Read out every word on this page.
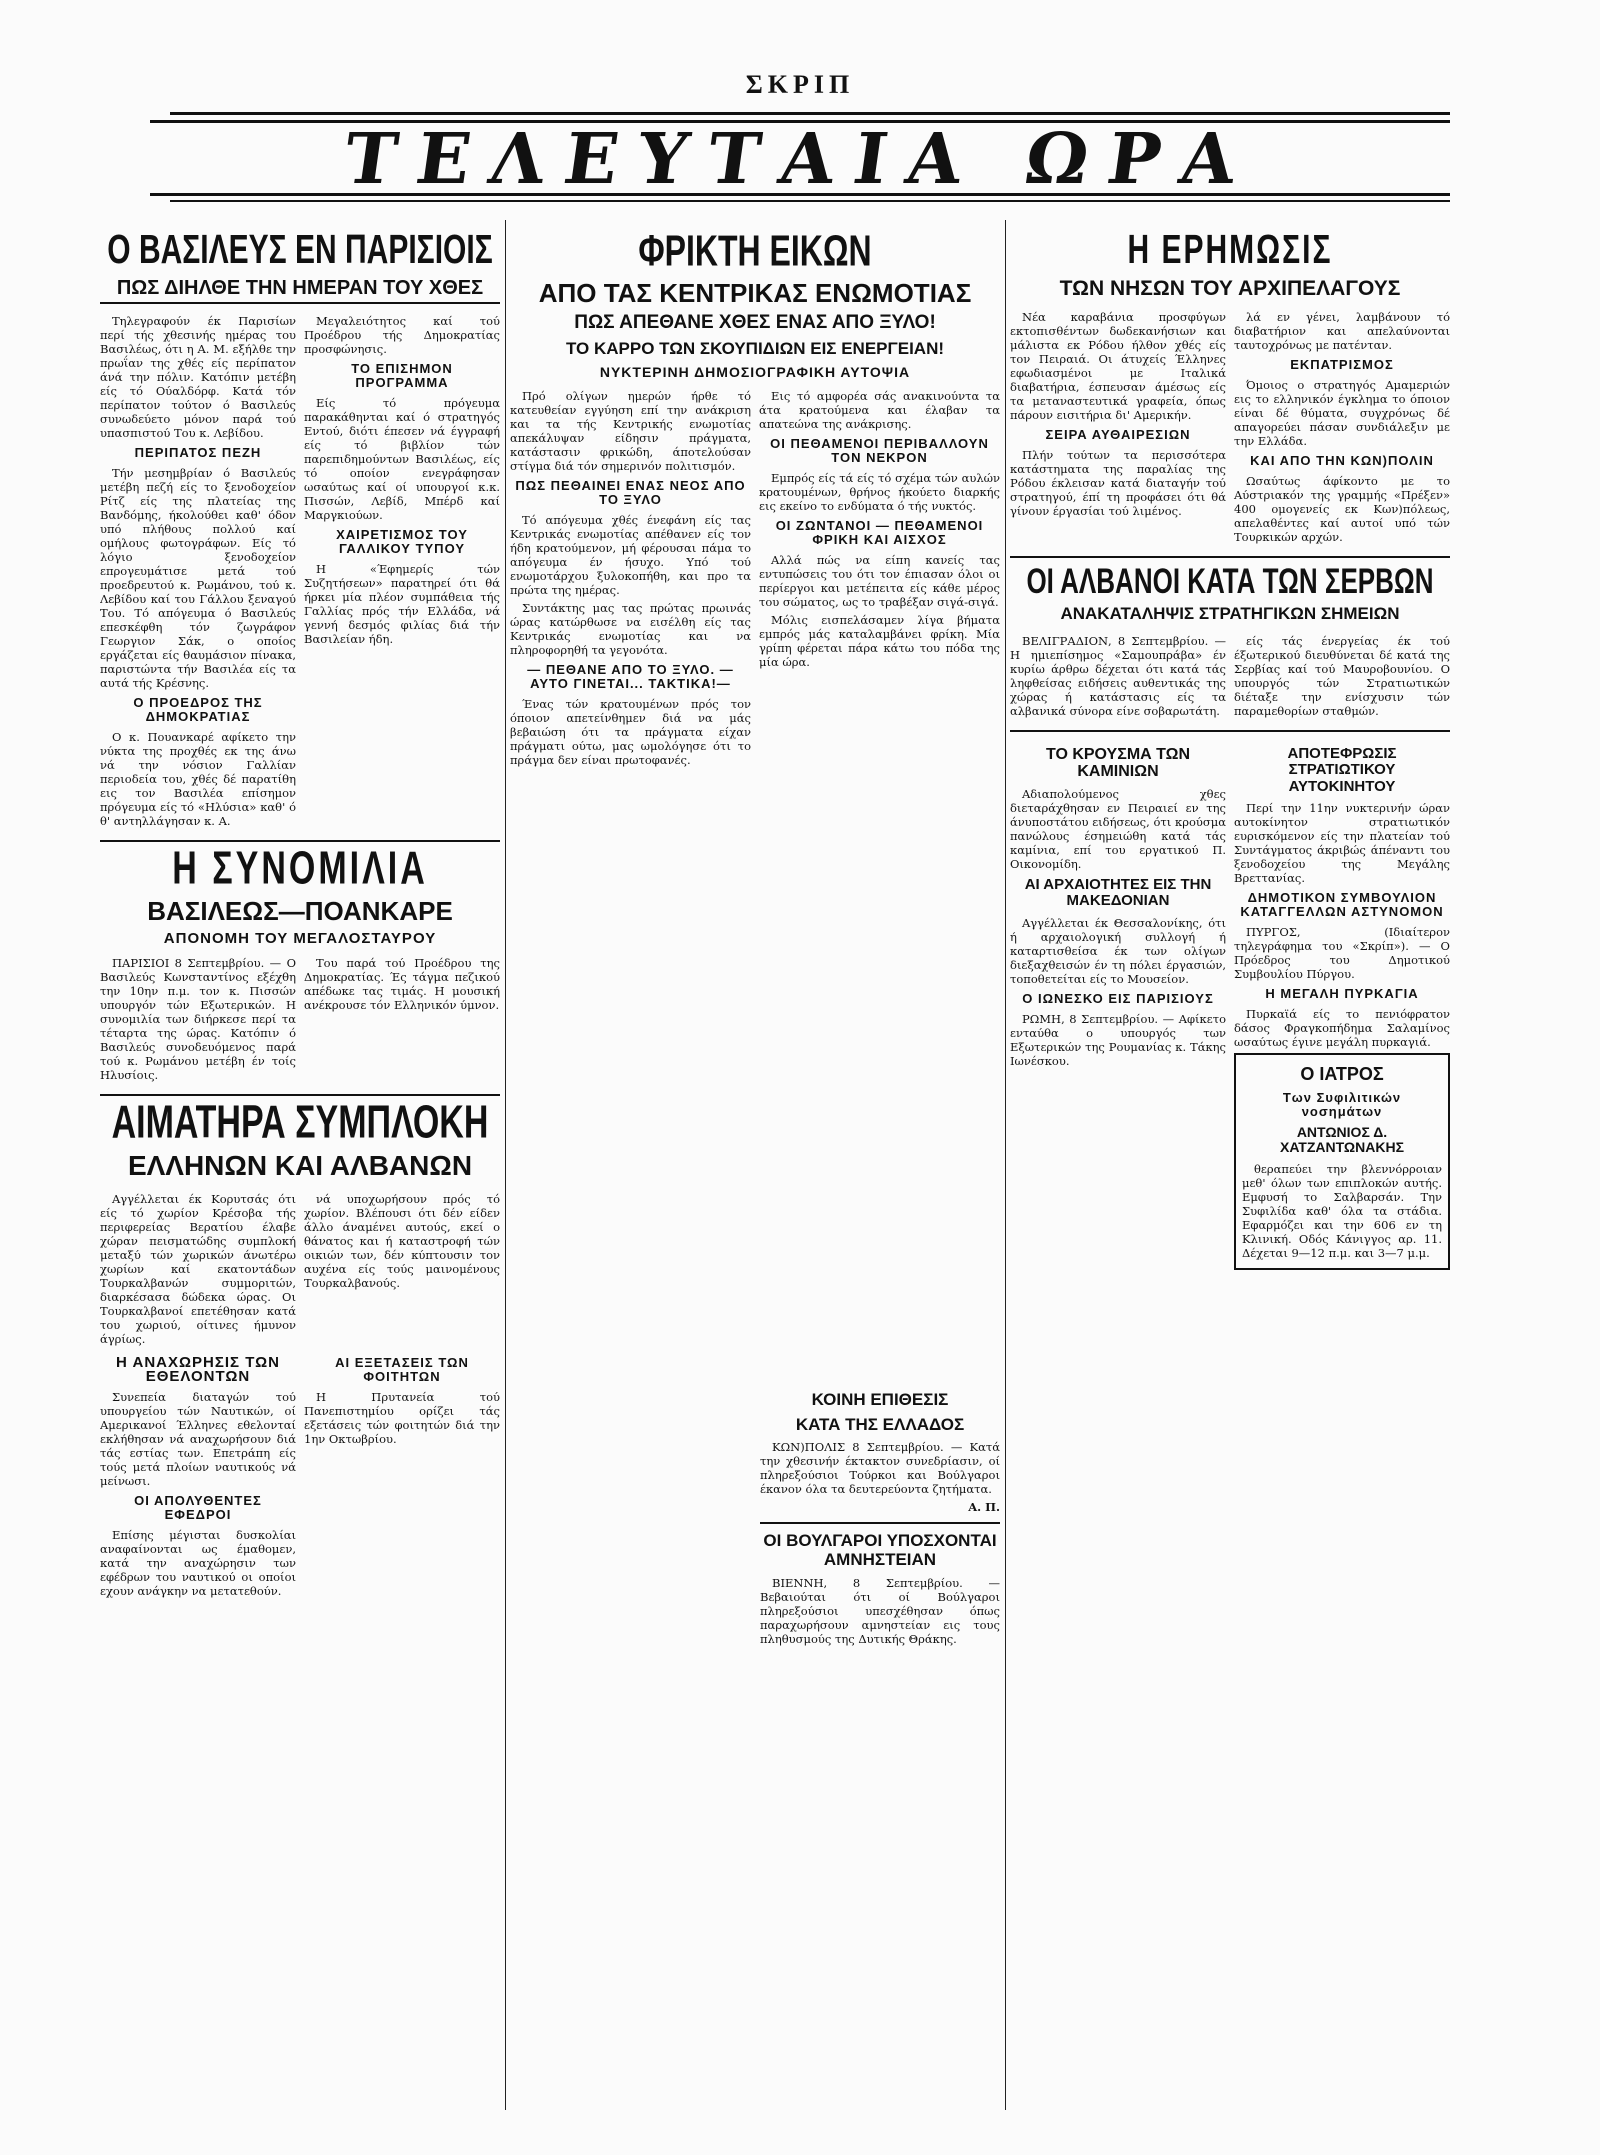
ΣΚΡΙΠ
ΤΕΛΕΥΤΑΙΑ ΩΡΑ
Ο ΒΑΣΙΛΕΥΣ ΕΝ ΠΑΡΙΣΙΟΙΣ
ΠΩΣ ΔΙΗΛΘΕ ΤΗΝ ΗΜΕΡΑΝ ΤΟΥ ΧΘΕΣ

Τηλεγραφούν έκ Παρισίων περί τής χθεσινής ημέρας του Βασιλέως, ότι η Α. Μ. εξήλθε την πρωΐαν της χθές είς περίπατον άνά την πόλιν. Κατόπιν μετέβη είς τό Ούαλδόρφ. Κατά τόν περίπατον τούτον ό Βασιλεύς συνωδεύετο μόνον παρά τού υπασπιστού Του κ. Λεβίδου.

ΠΕΡΙΠΑΤΟΣ ΠΕΖΗ

Τήν μεσημβρίαν ό Βασιλεύς μετέβη πεζή είς το ξενοδοχείον Ρίτζ είς της πλατείας της Βανδόμης, ήκολούθει καθ' όδον υπό πλήθους πολλού καί ομήλους φωτογράφων. Είς τό λόγιο ξενοδοχείον επρογευμάτισε μετά τού προεδρευτού κ. Ρωμάνου, τού κ. Λεβίδου καί του Γάλλου ξεναγού Του. Τό απόγευμα ό Βασιλεύς επεσκέφθη τόν ζωγράφον Γεωργιον Σάκ, ο οποίος εργάζεται είς θαυμάσιον πίνακα, παριστώντα τήν Βασιλέα είς τα αυτά τής Κρέσνης.

Ο ΠΡΟΕΔΡΟΣ ΤΗΣ ΔΗΜΟΚΡΑΤΙΑΣ

Ο κ. Πουανκαρέ αφίκετο την νύκτα της προχθές εκ της άνω νά την νόσιον Γαλλίαν περιοδεία του, χθές δέ παρατίθη εις τον Βασιλέα επίσημον πρόγευμα είς τό «Ηλύσια» καθ' ό θ' αντηλλάγησαν κ. Α.

Μεγαλειότητος καί τού Προέδρου τής Δημοκρατίας προσφώνησις.

ΤΟ ΕΠΙΣΗΜΟΝ ΠΡΟΓΡΑΜΜΑ

Είς τό πρόγευμα παρακάθηνται καί ό στρατηγός Εντού, διότι έπεσεν νά έγγραφή είς τό βιβλίον τών παρεπιδημούντων Βασιλέως, είς τό οποίον ενεγράφησαν ωσαύτως καί οί υπουργοί κ.κ. Πισσών, Λεβίδ, Μπέρδ καί Μαργκιούων.

ΧΑΙΡΕΤΙΣΜΟΣ ΤΟΥ ΓΑΛΛΙΚΟΥ ΤΥΠΟΥ

Η «Έφημερίς τών Συζητήσεων» παρατηρεί ότι θά ήρκει μία πλέον συμπάθεια τής Γαλλίας πρός τήν Ελλάδα, νά γεννή δεσμός φιλίας διά τήν Βασιλείαν ήδη.

Η ΣΥΝΟΜΙΛΙΑ
ΒΑΣΙΛΕΩΣ—ΠΟΑΝΚΑΡΕ
ΑΠΟΝΟΜΗ ΤΟΥ ΜΕΓΑΛΟΣΤΑΥΡΟΥ

ΠΑΡΙΣΙΟΙ 8 Σεπτεμβρίου. — Ο Βασιλεύς Κωνσταντίνος εξέχθη την 10ην π.μ. τον κ. Πισσών υπουργόν τών Εξωτερικών. Η συνομιλία των διήρκεσε περί τα τέταρτα της ώρας. Κατόπιν ό Βασιλεύς συνοδευόμενος παρά τού κ. Ρωμάνου μετέβη έν τοίς Ηλυσίοις.

Του παρά τού Προέδρου της Δημοκρατίας. Ές τάγμα πεζικού απέδωκε τας τιμάς. Η μουσική ανέκρουσε τόν Ελληνικόν ύμνον.

ΑΙΜΑΤΗΡΑ ΣΥΜΠΛΟΚΗ
ΕΛΛΗΝΩΝ ΚΑΙ ΑΛΒΑΝΩΝ

Αγγέλλεται έκ Κορυτσάς ότι είς τό χωρίον Κρέσοβα τής περιφερείας Βερατίου έλαβε χώραν πεισματώδης συμπλοκή μεταξύ τών χωρικών άνωτέρω χωρίων καί εκατοντάδων Τουρκαλβανών συμμοριτών, διαρκέσασα δώδεκα ώρας. Οι Τουρκαλβανοί επετέθησαν κατά του χωριού, οίτινες ήμυνον άγρίως.

νά υποχωρήσουν πρός τό χωρίον. Βλέπουσι ότι δέν είδεν άλλο άναμένει αυτούς, εκεί ο θάνατος και ή καταστροφή τών οικιών των, δέν κύπτουσιν τον αυχένα είς τούς μαινομένους Τουρκαλβανούς.

Η ΑΝΑΧΩΡΗΣΙΣ ΤΩΝ ΕΘΕΛΟΝΤΩΝ

Συνεπεία διαταγών τού υπουργείου τών Ναυτικών, οί Αμερικανοί Έλληνες εθελονταί εκλήθησαν νά αναχωρήσουν διά τάς εστίας των. Επετράπη είς τούς μετά πλοίων ναυτικούς νά μείνωσι.

ΟΙ ΑΠΟΛΥΘΕΝΤΕΣ ΕΦΕΔΡΟΙ

Επίσης μέγισται δυσκολίαι αναφαίνονται ως έμαθομεν, κατά την αναχώρησιν των εφέδρων του ναυτικού οι οποίοι εχουν ανάγκην να μετατεθούν.

ΑΙ ΕΞΕΤΑΣΕΙΣ ΤΩΝ ΦΟΙΤΗΤΩΝ

Η Πρυτανεία τού Πανεπιστημίου ορίζει τάς εξετάσεις τών φοιτητών διά την 1ην Οκτωβρίου.

ΦΡΙΚΤΗ ΕΙΚΩΝ
ΑΠΟ ΤΑΣ ΚΕΝΤΡΙΚΑΣ ΕΝΩΜΟΤΙΑΣ
ΠΩΣ ΑΠΕΘΑΝΕ ΧΘΕΣ ΕΝΑΣ ΑΠΟ ΞΥΛΟ!
ΤΟ ΚΑΡΡΟ ΤΩΝ ΣΚΟΥΠΙΔΙΩΝ ΕΙΣ ΕΝΕΡΓΕΙΑΝ!
ΝΥΚΤΕΡΙΝΗ ΔΗΜΟΣΙΟΓΡΑΦΙΚΗ ΑΥΤΟΨΙΑ

Πρό ολίγων ημερών ήρθε τό κατευθείαν εγγύηση επί την ανάκριση και τα τής Κεντρικής ενωμοτίας απεκάλυψαν είδησιν πράγματα, κατάστασιν φρικώδη, άποτελούσαν στίγμα διά τόν σημερινόν πολιτισμόν.

ΠΩΣ ΠΕΘΑΙΝΕΙ ΕΝΑΣ ΝΕΟΣ ΑΠΟ ΤΟ ΞΥΛΟ

Τό απόγευμα χθές ένεφάνη είς τας Κεντρικάς ενωμοτίας απέθανεν είς τον ήδη κρατούμενον, μή φέρουσαι πάμα το απόγευμα έν ήσυχο. Υπό τού ενωμοτάρχου ξυλοκοπήθη, και προ τα πρώτα της ημέρας.

Συντάκτης μας τας πρώτας πρωινάς ώρας κατώρθωσε να εισέλθη είς τας Κεντρικάς ενωμοτίας και να πληροφορηθή τα γεγονότα.

— ΠΕΘΑΝΕ ΑΠΟ ΤΟ ΞΥΛΟ. — ΑΥΤΟ ΓΙΝΕΤΑΙ... ΤΑΚΤΙΚΑ!—

Ένας τών κρατουμένων πρός τον όποιον απετείνθημεν διά να μάς βεβαιώση ότι τα πράγματα είχαν πράγματι ούτω, μας ωμολόγησε ότι το πράγμα δεν είναι πρωτοφανές.

Εις τό αμφορέα σάς ανακινούντα τα άτα κρατούμενα και έλαβαν τα απατεώνα της ανάκρισης.

ΟΙ ΠΕΘΑΜΕΝΟΙ ΠΕΡΙΒΑΛΛΟΥΝ ΤΟΝ ΝΕΚΡΟΝ

Εμπρός είς τά είς τό σχέμα τών αυλών κρατουμένων, θρήνος ήκούετο διαρκής εις εκείνο το ενδύματα ό τής νυκτός.

ΟΙ ΖΩΝΤΑΝΟΙ — ΠΕΘΑΜΕΝΟΙ ΦΡΙΚΗ ΚΑΙ ΑΙΣΧΟΣ

Αλλά πώς να είπη κανείς τας εντυπώσεις του ότι τον έπιασαν όλοι οι περίεργοι και μετέπειτα είς κάθε μέρος του σώματος, ως το τραβέξαν σιγά-σιγά.

Μόλις εισπελάσαμεν λίγα βήματα εμπρός μάς καταλαμβάνει φρίκη. Μία γρίπη φέρεται πάρα κάτω του πόδα της μία ώρα.

Η ΕΡΗΜΩΣΙΣ
ΤΩΝ ΝΗΣΩΝ ΤΟΥ ΑΡΧΙΠΕΛΑΓΟΥΣ

Νέα καραβάνια προσφύγων εκτοπισθέντων δωδεκανήσιων και μάλιστα εκ Ρόδου ήλθον χθές είς τον Πειραιά. Οι άτυχείς Έλληνες εφωδιασμένοι με Ιταλικά διαβατήρια, έσπευσαν άμέσως είς τα μεταναστευτικά γραφεία, όπως πάρουν εισιτήρια δι' Αμερικήν.

ΣΕΙΡΑ ΑΥΘΑΙΡΕΣΙΩΝ

Πλήν τούτων τα περισσότερα κατάστηματα της παραλίας της Ρόδου έκλεισαν κατά διαταγήν τού στρατηγού, έπί τη προφάσει ότι θά γίνουν έργασίαι τού λιμένος.

λά εν γένει, λαμβάνουν τό διαβατήριον και απελαύνονται ταυτοχρόνως με πατένταν.

ΕΚΠΑΤΡΙΣΜΟΣ

Όμοιος ο στρατηγός Αμαμεριών εις το ελληνικόν έγκλημα το όποιον είναι δέ θύματα, συγχρόνως δέ απαγορεύει πάσαν συνδιάλεξιν με την Ελλάδα.

ΚΑΙ ΑΠΟ ΤΗΝ ΚΩΝ)ΠΟΛΙΝ

Ωσαύτως άφίκοντο με το Αύστριακόν της γραμμής «Πρέξεν» 400 ομογενείς εκ Κων)πόλεως, απελαθέντες καί αυτοί υπό τών Τουρκικών αρχών.

ΟΙ ΑΛΒΑΝΟΙ ΚΑΤΑ ΤΩΝ ΣΕΡΒΩΝ
ΑΝΑΚΑΤΑΛΗΨΙΣ ΣΤΡΑΤΗΓΙΚΩΝ ΣΗΜΕΙΩΝ

ΒΕΛΙΓΡΑΔΙΟΝ, 8 Σεπτεμβρίου. — Η ημιεπίσημος «Σαμουπράβα» έν κυρίω άρθρω δέχεται ότι κατά τάς ληφθείσας ειδήσεις αυθεντικάς της χώρας ή κατάστασις είς τα αλβανικά σύνορα είνε σοβαρωτάτη.

είς τάς ένεργείας έκ τού έξωτερικού διευθύνεται δέ κατά της Σερβίας καί τού Μαυροβουνίου. Ο υπουργός τών Στρατιωτικών διέταξε την ενίσχυσιν τών παραμεθορίων σταθμών.

ΤΟ ΚΡΟΥΣΜΑ ΤΩΝ ΚΑΜΙΝΙΩΝ

Αδιαπολούμενος χθες διεταράχθησαν εν Πειραιεί εν της άνυποστάτου ειδήσεως, ότι κρούσμα πανώλους έσημειώθη κατά τάς καμίνια, επί του εργατικού Π. Οικονομίδη.

ΑΙ ΑΡΧΑΙΟΤΗΤΕΣ ΕΙΣ ΤΗΝ ΜΑΚΕΔΟΝΙΑΝ

Αγγέλλεται έκ Θεσσαλονίκης, ότι ή αρχαιολογική συλλογή ή καταρτισθείσα έκ των ολίγων διεξαχθεισών έν τη πόλει έργασιών, τοποθετείται είς το Μουσείον.

Ο ΙΩΝΕΣΚΟ ΕΙΣ ΠΑΡΙΣΙΟΥΣ

ΡΩΜΗ, 8 Σεπτεμβρίου. — Αφίκετο ενταύθα ο υπουργός των Εξωτερικών της Ρουμανίας κ. Τάκης Ιωνέσκου.

ΑΠΟΤΕΦΡΩΣΙΣ ΣΤΡΑΤΙΩΤΙΚΟΥ ΑΥΤΟΚΙΝΗΤΟΥ

Περί την 11ην νυκτερινήν ώραν αυτοκίνητον στρατιωτικόν ευρισκόμενον είς την πλατείαν τού Συντάγματος άκριβώς άπέναντι του ξενοδοχείου της Μεγάλης Βρεττανίας.

ΔΗΜΟΤΙΚΟΝ ΣΥΜΒΟΥΛΙΟΝ ΚΑΤΑΓΓΕΛΛΩΝ ΑΣΤΥΝΟΜΟΝ

ΠΥΡΓΟΣ, (Ιδιαίτερον τηλεγράφημα του «Σκρίπ»). — Ο Πρόεδρος του Δημοτικού Συμβουλίου Πύργου.

Η ΜΕΓΑΛΗ ΠΥΡΚΑΓΙΑ

Πυρκαϊά είς το πενιόφρατον δάσος Φραγκοπήδημα Σαλαμίνος ωσαύτως έγινε μεγάλη πυρκαγιά.

Ο ΙΑΤΡΟΣ
Των Συφιλιτικών νοσημάτων
ΑΝΤΩΝΙΟΣ Δ. ΧΑΤΖΑΝΤΩΝΑΚΗΣ

θεραπεύει την βλεννόρροιαν μεθ' όλων των επιπλοκών αυτής. Εμφυσή το Σαλβαρσάν. Την Συφιλίδα καθ' όλα τα στάδια. Εφαρμόζει και την 606 εν τη Κλινική. Οδός Κάνιγγος αρ. 11. Δέχεται 9—12 π.μ. και 3—7 μ.μ.

ΚΟΙΝΗ ΕΠΙΘΕΣΙΣ
ΚΑΤΑ ΤΗΣ ΕΛΛΑΔΟΣ

ΚΩΝ)ΠΟΛΙΣ 8 Σεπτεμβρίου. — Κατά την χθεσινήν έκτακτον συνεδρίασιν, οί πληρεξούσιοι Τούρκοι και Βούλγαροι έκανον όλα τα δευτερεύοντα ζητήματα.

Α. Π.
ΟΙ ΒΟΥΛΓΑΡΟΙ ΥΠΟΣΧΟΝΤΑΙ ΑΜΝΗΣΤΕΙΑΝ

ΒΙΕΝΝΗ, 8 Σεπτεμβρίου. — Βεβαιούται ότι οί Βούλγαροι πληρεξούσιοι υπεσχέθησαν όπως παραχωρήσουν αμνηστείαν εις τους πληθυσμούς της Δυτικής Θράκης.
